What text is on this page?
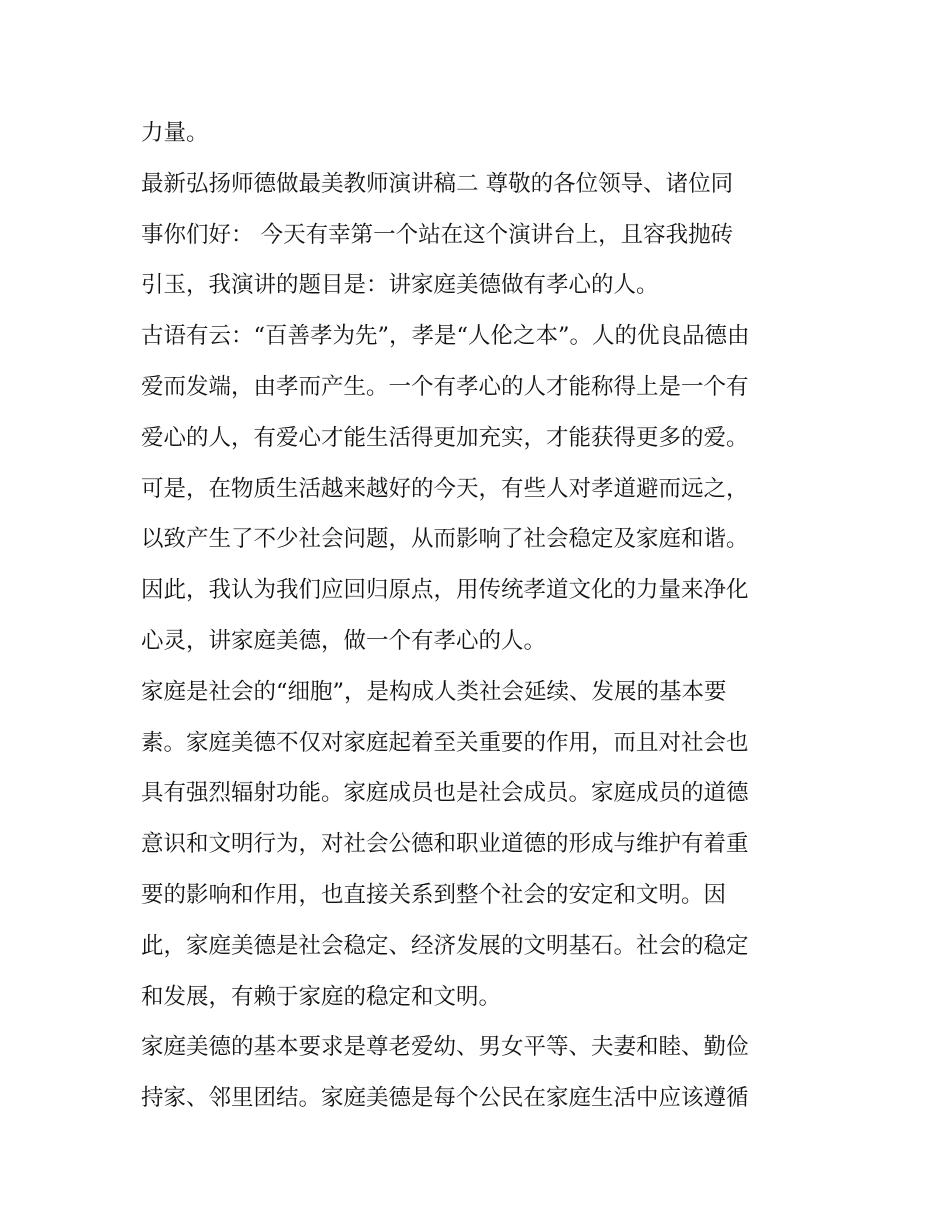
力量。
最新弘扬师德做最美教师演讲稿二 尊敬的各位领导、诸位同
事你们好： 今天有幸第一个站在这个演讲台上，且容我抛砖
引玉，我演讲的题目是：讲家庭美德做有孝心的人。
古语有云：“百善孝为先”，孝是“人伦之本”。人的优良品德由
爱而发端，由孝而产生。一个有孝心的人才能称得上是一个有
爱心的人，有爱心才能生活得更加充实，才能获得更多的爱。
可是，在物质生活越来越好的今天，有些人对孝道避而远之，
以致产生了不少社会问题，从而影响了社会稳定及家庭和谐。
因此，我认为我们应回归原点，用传统孝道文化的力量来净化
心灵，讲家庭美德，做一个有孝心的人。
家庭是社会的“细胞”，是构成人类社会延续、发展的基本要
素。家庭美德不仅对家庭起着至关重要的作用，而且对社会也
具有强烈辐射功能。家庭成员也是社会成员。家庭成员的道德
意识和文明行为，对社会公德和职业道德的形成与维护有着重
要的影响和作用，也直接关系到整个社会的安定和文明。因
此，家庭美德是社会稳定、经济发展的文明基石。社会的稳定
和发展，有赖于家庭的稳定和文明。
家庭美德的基本要求是尊老爱幼、男女平等、夫妻和睦、勤俭
持家、邻里团结。家庭美德是每个公民在家庭生活中应该遵循
